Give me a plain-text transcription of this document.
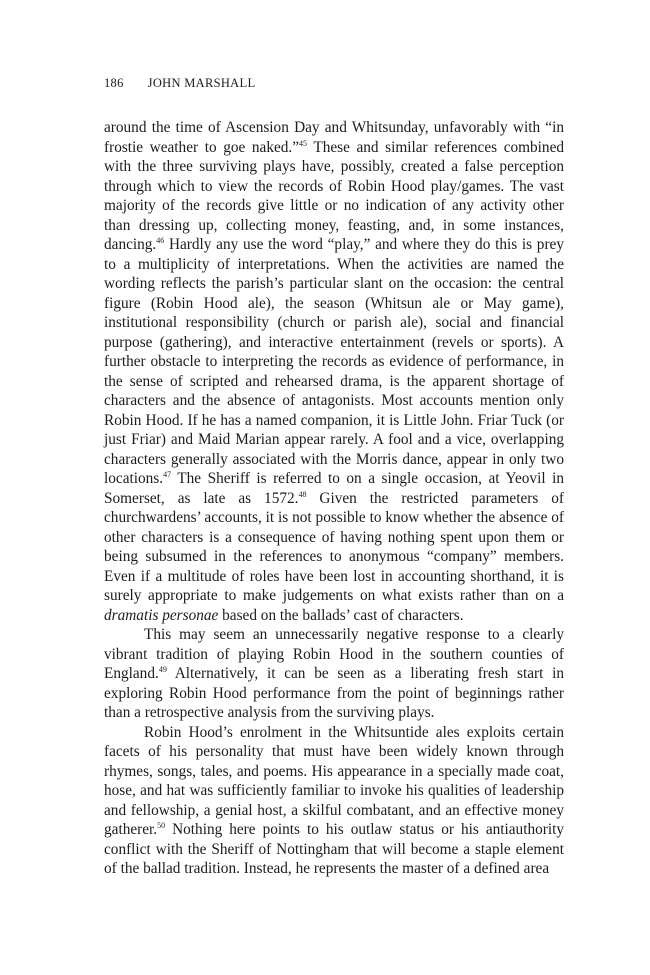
186 JOHN MARSHALL

around the time of Ascension Day and Whitsunday, unfavorably with “in frostie weather to goe naked.”$^{45}$ These and similar references combined with the three surviving plays have, possibly, created a false perception through which to view the records of Robin Hood play/games. The vast majority of the records give little or no indication of any activity other than dressing up, collecting money, feasting, and, in some instances, dancing.$^{46}$ Hardly any use the word “play,” and where they do this is prey to a multiplicity of interpretations. When the activities are named the wording reflects the parish’s particular slant on the occasion: the central figure (Robin Hood ale), the season (Whitsun ale or May game), institutional responsibility (church or parish ale), social and financial purpose (gathering), and interactive entertainment (revels or sports). A further obstacle to interpreting the records as evidence of performance, in the sense of scripted and rehearsed drama, is the apparent shortage of characters and the absence of antagonists. Most accounts mention only Robin Hood. If he has a named companion, it is Little John. Friar Tuck (or just Friar) and Maid Marian appear rarely. A fool and a vice, overlapping characters generally associated with the Morris dance, appear in only two locations.$^{47}$ The Sheriff is referred to on a single occasion, at Yeovil in Somerset, as late as 1572.48 Given the restricted parameters of churchwardens’ accounts, it is not possible to know whether the absence of other characters is a consequence of having nothing spent upon them or being subsumed in the references to anonymous “company” members. Even if a multitude of roles have been lost in accounting shorthand, it is surely appropriate to make judgements on what exists rather than on a dramatis personae based on the ballads’ cast of characters.

This may seem an unnecessarily negative response to a clearly vibrant tradition of playing Robin Hood in the southern counties of England.$^{49}$ Alternatively, it can be seen as a liberating fresh start in exploring Robin Hood performance from the point of beginnings rather than a retrospective analysis from the surviving plays.

Robin Hood’s enrolment in the Whitsuntide ales exploits certain facets of his personality that must have been widely known through rhymes, songs, tales, and poems. His appearance in a specially made coat, hose, and hat was sufficiently familiar to invoke his qualities of leadership and fellowship, a genial host, a skilful combatant, and an effective money gatherer.$^{50}$ Nothing here points to his outlaw status or his antiauthority conflict with the Sheriff of Nottingham that will become a staple element of the ballad tradition. Instead, he represents the master of a defined area
